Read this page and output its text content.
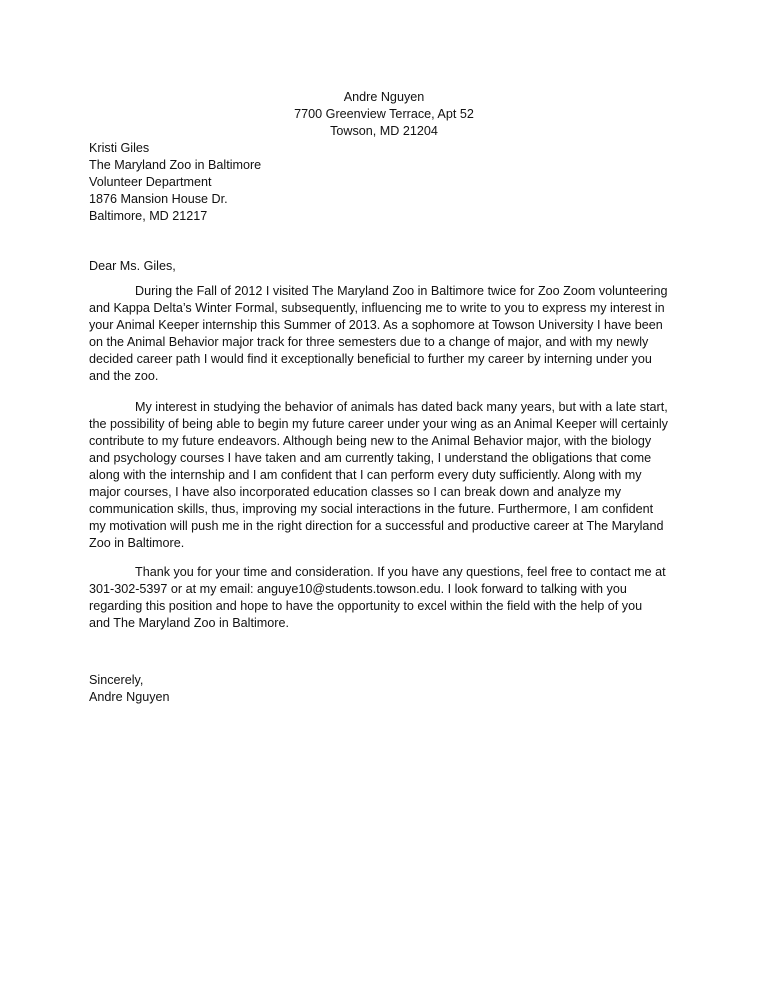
Andre Nguyen
7700 Greenview Terrace, Apt 52
Towson, MD 21204
Kristi Giles
The Maryland Zoo in Baltimore
Volunteer Department
1876 Mansion House Dr.
Baltimore, MD 21217
Dear Ms. Giles,
During the Fall of 2012 I visited The Maryland Zoo in Baltimore twice for Zoo Zoom volunteering
and Kappa Delta’s Winter Formal, subsequently, influencing me to write to you to express my interest in
your Animal Keeper internship this Summer of 2013. As a sophomore at Towson University I have been
on the Animal Behavior major track for three semesters due to a change of major, and with my newly
decided career path I would find it exceptionally beneficial to further my career by interning under you
and the zoo.
My interest in studying the behavior of animals has dated back many years, but with a late start,
the possibility of being able to begin my future career under your wing as an Animal Keeper will certainly
contribute to my future endeavors. Although being new to the Animal Behavior major, with the biology
and psychology courses I have taken and am currently taking, I understand the obligations that come
along with the internship and I am confident that I can perform every duty sufficiently. Along with my
major courses, I have also incorporated education classes so I can break down and analyze my
communication skills, thus, improving my social interactions in the future. Furthermore, I am confident
my motivation will push me in the right direction for a successful and productive career at The Maryland
Zoo in Baltimore.
Thank you for your time and consideration. If you have any questions, feel free to contact me at
301-302-5397 or at my email: anguye10@students.towson.edu. I look forward to talking with you
regarding this position and hope to have the opportunity to excel within the field with the help of you
and The Maryland Zoo in Baltimore.
Sincerely,
Andre Nguyen
